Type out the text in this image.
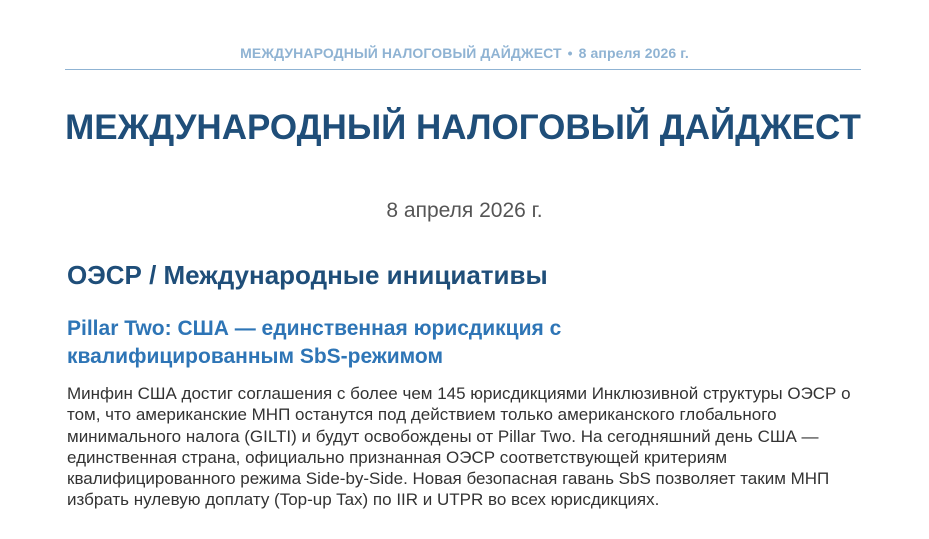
МЕЖДУНАРОДНЫЙ НАЛОГОВЫЙ ДАЙДЖЕСТ • 8 апреля 2026 г.
МЕЖДУНАРОДНЫЙ НАЛОГОВЫЙ ДАЙДЖЕСТ
8 апреля 2026 г.
ОЭСР / Международные инициативы
Pillar Two: США — единственная юрисдикция с квалифицированным SbS-режимом

Минфин США достиг соглашения с более чем 145 юрисдикциями Инклюзивной структуры ОЭСР о том, что американские МНП останутся под действием только американского глобального минимального налога (GILTI) и будут освобождены от Pillar Two. На сегодняшний день США — единственная страна, официально признанная ОЭСР соответствующей критериям квалифицированного режима Side-by-Side. Новая безопасная гавань SbS позволяет таким МНП избрать нулевую доплату (Top-up Tax) по IIR и UTPR во всех юрисдикциях.
